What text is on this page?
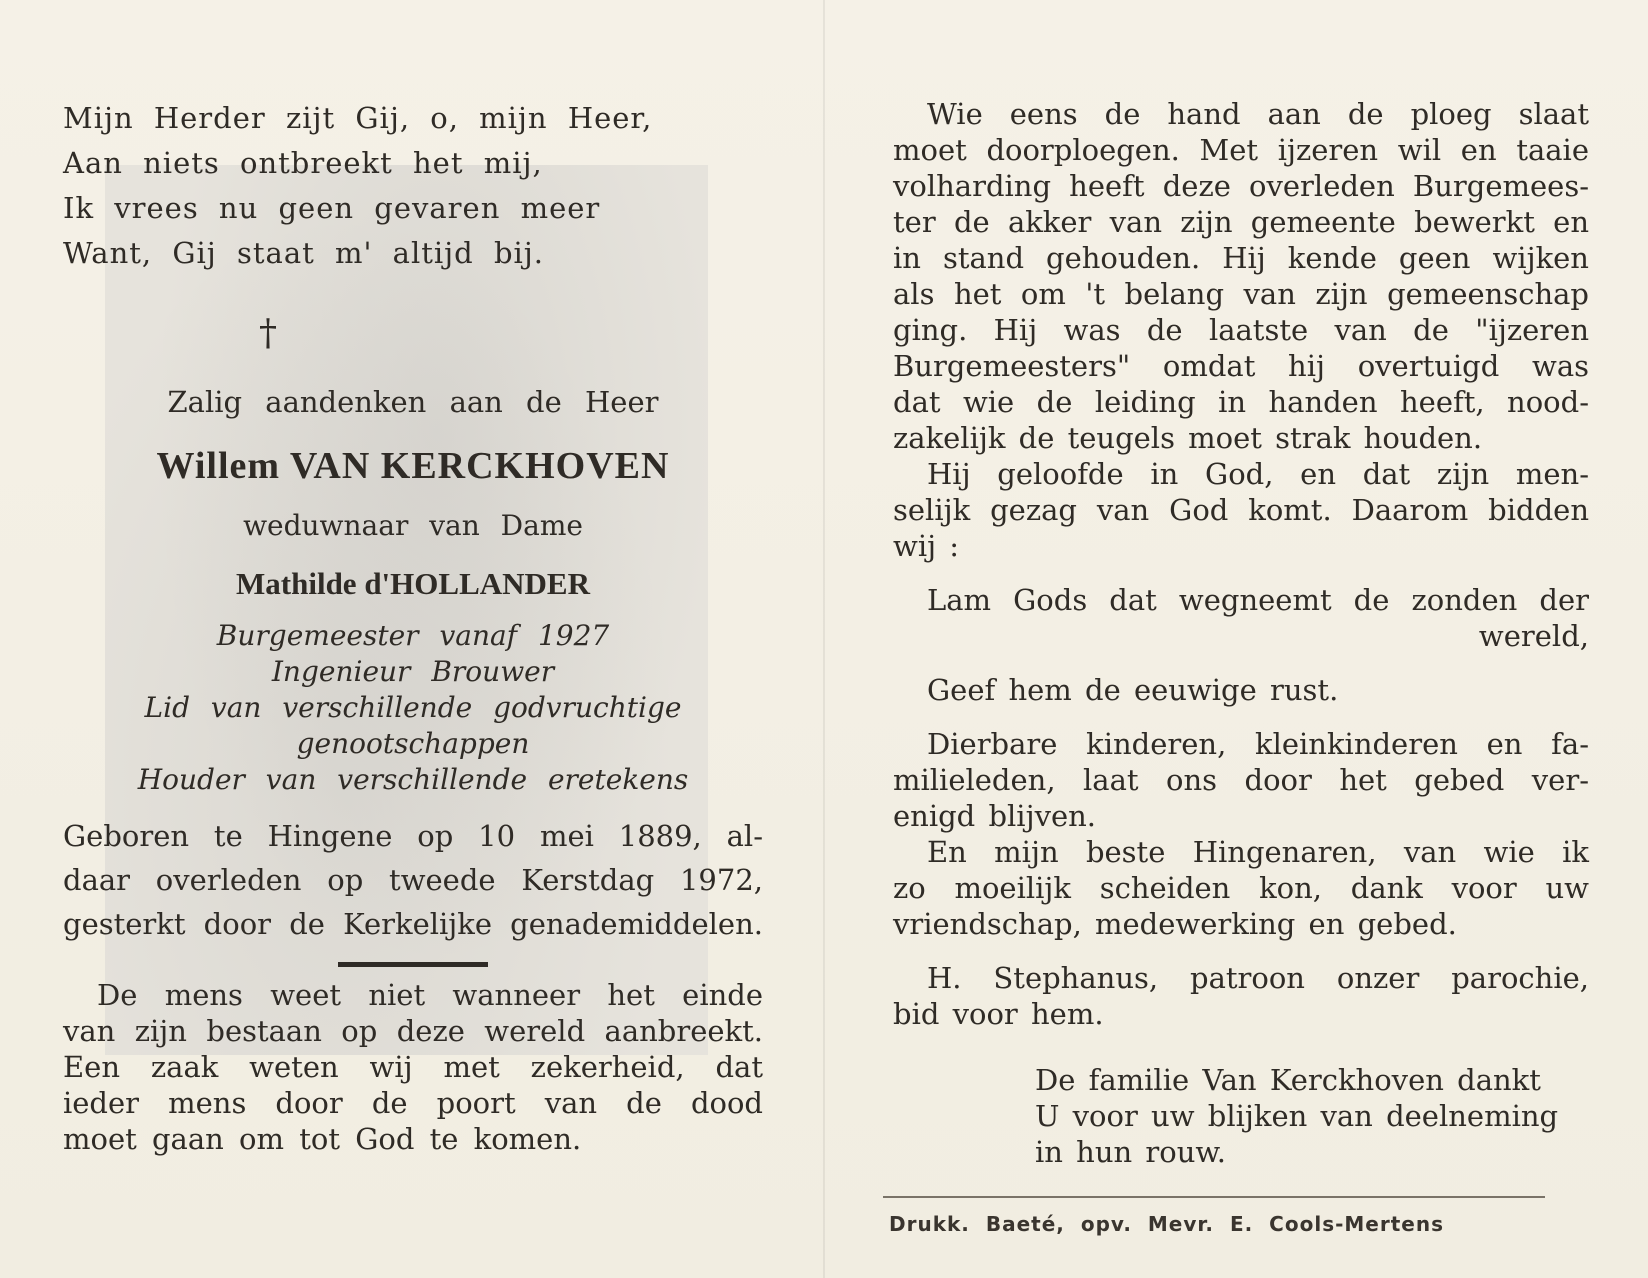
Mijn Herder zijt Gij, o, mijn Heer,

Aan niets ontbreekt het mij,

Ik vrees nu geen gevaren meer

Want, Gij staat m' altijd bij.

†
Zalig aandenken aan de Heer
Willem VAN KERCKHOVEN
weduwnaar van Dame
Mathilde d'HOLLANDER

Burgemeester vanaf 1927

Ingenieur Brouwer

Lid van verschillende godvruchtige

genootschappen

Houder van verschillende eretekens

Geboren te Hingene op 10 mei 1889, al-

daar overleden op tweede Kerstdag 1972,

gesterkt door de Kerkelijke genademiddelen.

De mens weet niet wanneer het einde

van zijn bestaan op deze wereld aanbreekt.

Een zaak weten wij met zekerheid, dat

ieder mens door de poort van de dood

moet gaan om tot God te komen.

Wie eens de hand aan de ploeg slaat

moet doorploegen. Met ijzeren wil en taaie

volharding heeft deze overleden Burgemees-

ter de akker van zijn gemeente bewerkt en

in stand gehouden. Hij kende geen wijken

als het om 't belang van zijn gemeenschap

ging. Hij was de laatste van de "ijzeren

Burgemeesters" omdat hij overtuigd was

dat wie de leiding in handen heeft, nood-

zakelijk de teugels moet strak houden.

Hij geloofde in God, en dat zijn men-

selijk gezag van God komt. Daarom bidden

wij :

Lam Gods dat wegneemt de zonden der

wereld,

Geef hem de eeuwige rust.

Dierbare kinderen, kleinkinderen en fa-

milieleden, laat ons door het gebed ver-

enigd blijven.

En mijn beste Hingenaren, van wie ik

zo moeilijk scheiden kon, dank voor uw

vriendschap, medewerking en gebed.

H. Stephanus, patroon onzer parochie,

bid voor hem.

De familie Van Kerckhoven dankt

U voor uw blijken van deelneming

in hun rouw.

Drukk. Baeté, opv. Mevr. E. Cools-Mertens
